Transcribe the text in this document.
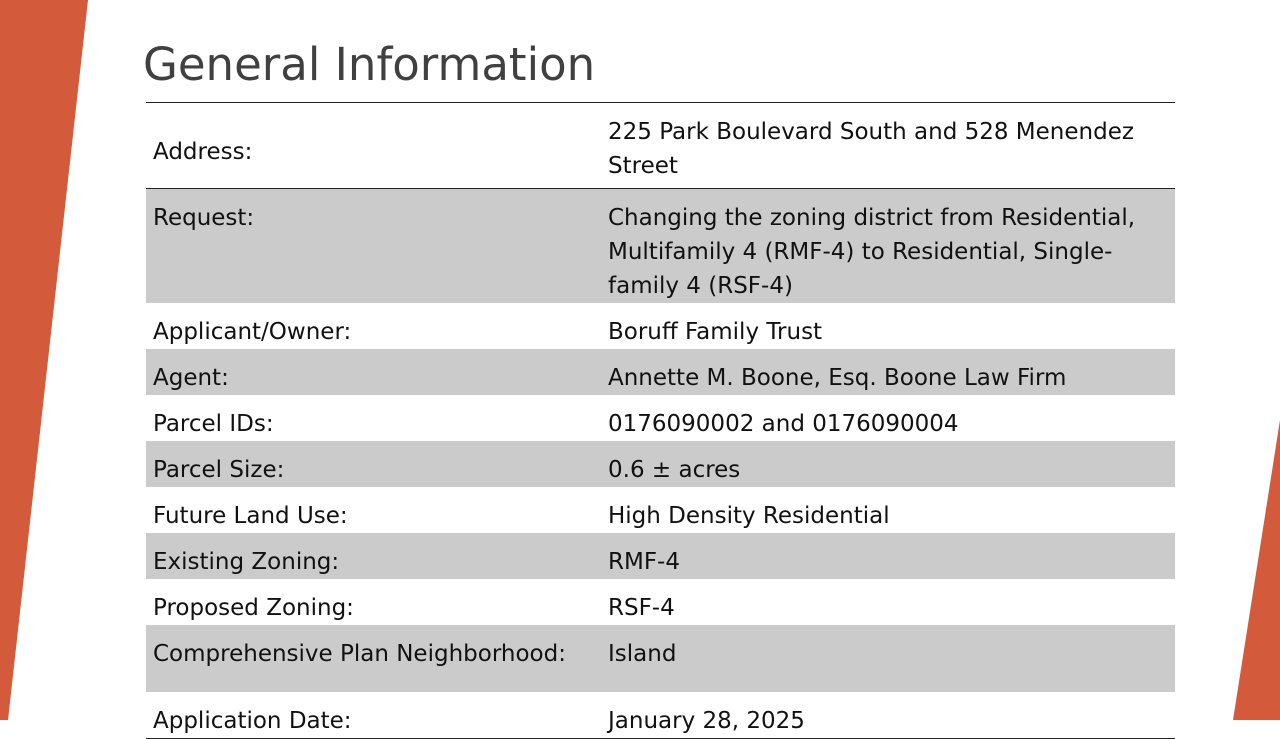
General Information
Address:	225 Park Boulevard South and 528 Menendez Street
Request:	Changing the zoning district from Residential, Multifamily 4 (RMF-4) to Residential, Single-family 4 (RSF-4)
Applicant/Owner:	Boruff Family Trust
Agent:	Annette M. Boone, Esq. Boone Law Firm
Parcel IDs:	0176090002 and 0176090004
Parcel Size:	0.6 ± acres
Future Land Use:	High Density Residential
Existing Zoning:	RMF-4
Proposed Zoning:	RSF-4
Comprehensive Plan Neighborhood:	Island
Application Date:	January 28, 2025
